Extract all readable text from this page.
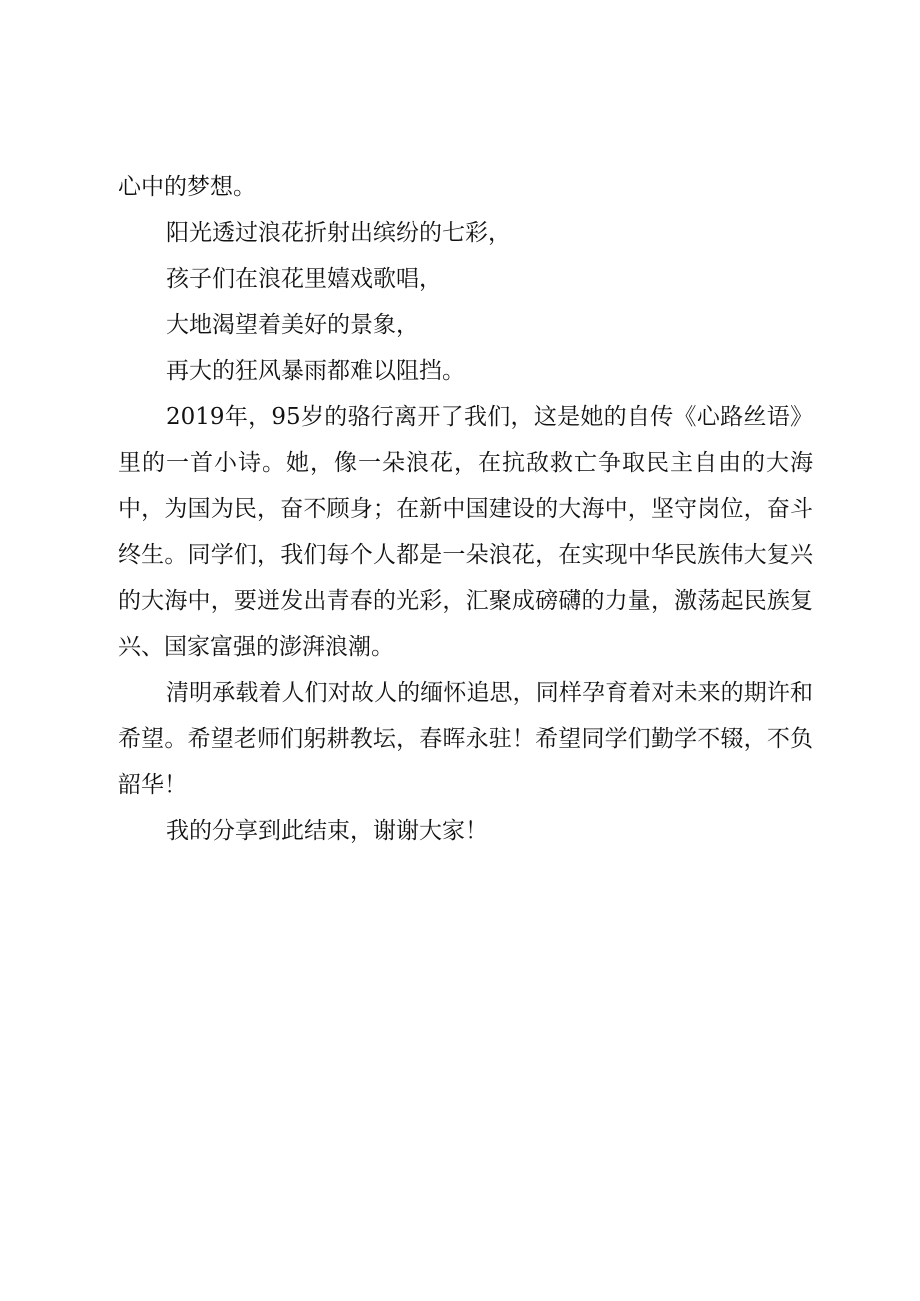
心中的梦想。

阳光透过浪花折射出缤纷的七彩，

孩子们在浪花里嬉戏歌唱，

大地渴望着美好的景象，

再大的狂风暴雨都难以阻挡。

2019年，95岁的骆行离开了我们，这是她的自传《心路丝语》里的一首小诗。她，像一朵浪花，在抗敌救亡争取民主自由的大海中，为国为民，奋不顾身；在新中国建设的大海中，坚守岗位，奋斗终生。同学们，我们每个人都是一朵浪花，在实现中华民族伟大复兴的大海中，要迸发出青春的光彩，汇聚成磅礴的力量，激荡起民族复兴、国家富强的澎湃浪潮。

清明承载着人们对故人的缅怀追思，同样孕育着对未来的期许和希望。希望老师们躬耕教坛，春晖永驻！希望同学们勤学不辍，不负韶华！

我的分享到此结束，谢谢大家！
